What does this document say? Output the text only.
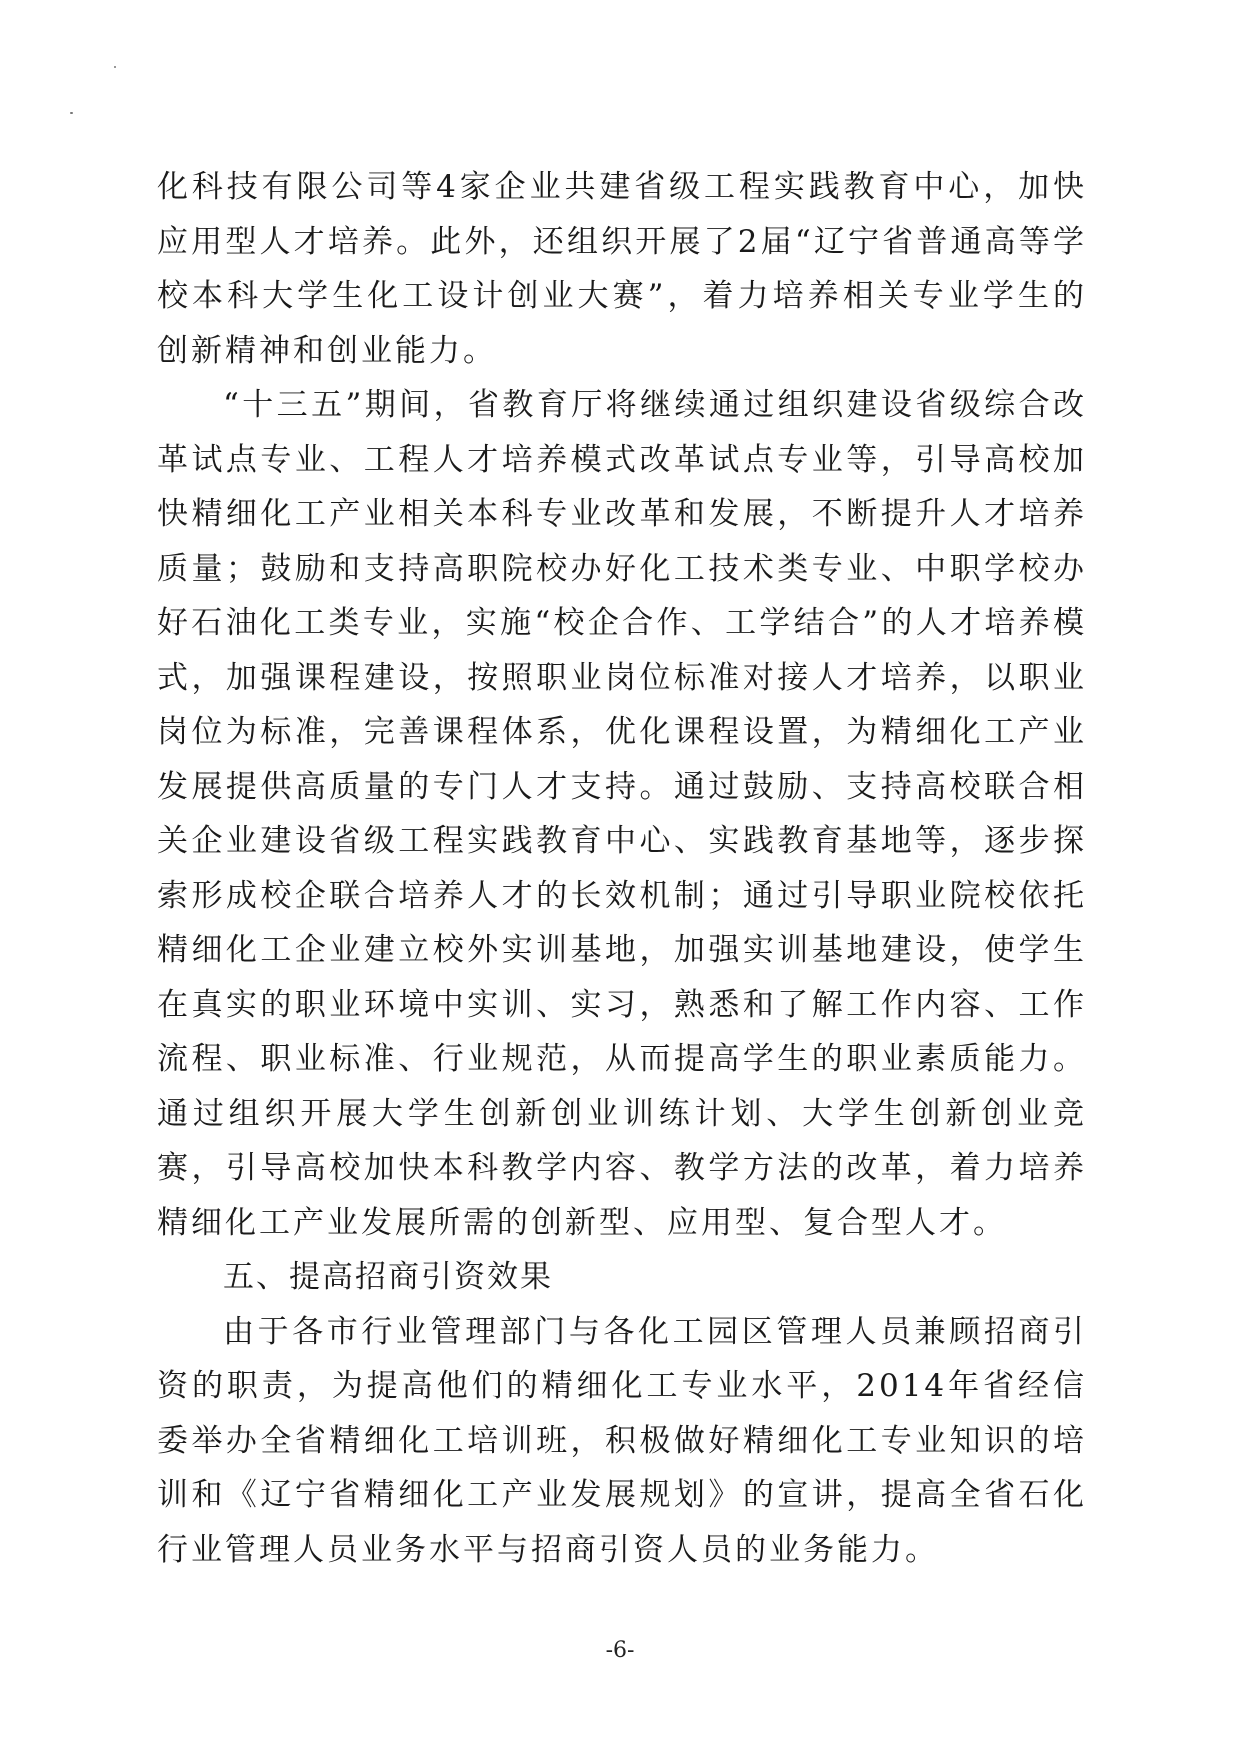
化科技有限公司等4家企业共建省级工程实践教育中心，加快应用型人才培养。此外，还组织开展了2届“辽宁省普通高等学校本科大学生化工设计创业大赛”，着力培养相关专业学生的创新精神和创业能力。

“十三五”期间，省教育厅将继续通过组织建设省级综合改革试点专业、工程人才培养模式改革试点专业等，引导高校加快精细化工产业相关本科专业改革和发展，不断提升人才培养质量；鼓励和支持高职院校办好化工技术类专业、中职学校办好石油化工类专业，实施“校企合作、工学结合”的人才培养模式，加强课程建设，按照职业岗位标准对接人才培养，以职业岗位为标准，完善课程体系，优化课程设置，为精细化工产业发展提供高质量的专门人才支持。通过鼓励、支持高校联合相关企业建设省级工程实践教育中心、实践教育基地等，逐步探索形成校企联合培养人才的长效机制；通过引导职业院校依托精细化工企业建立校外实训基地，加强实训基地建设，使学生在真实的职业环境中实训、实习，熟悉和了解工作内容、工作流程、职业标准、行业规范，从而提高学生的职业素质能力。通过组织开展大学生创新创业训练计划、大学生创新创业竞赛，引导高校加快本科教学内容、教学方法的改革，着力培养精细化工产业发展所需的创新型、应用型、复合型人才。

五、提高招商引资效果

由于各市行业管理部门与各化工园区管理人员兼顾招商引资的职责，为提高他们的精细化工专业水平，2014年省经信委举办全省精细化工培训班，积极做好精细化工专业知识的培训和《辽宁省精细化工产业发展规划》的宣讲，提高全省石化行业管理人员业务水平与招商引资人员的业务能力。

-6-
